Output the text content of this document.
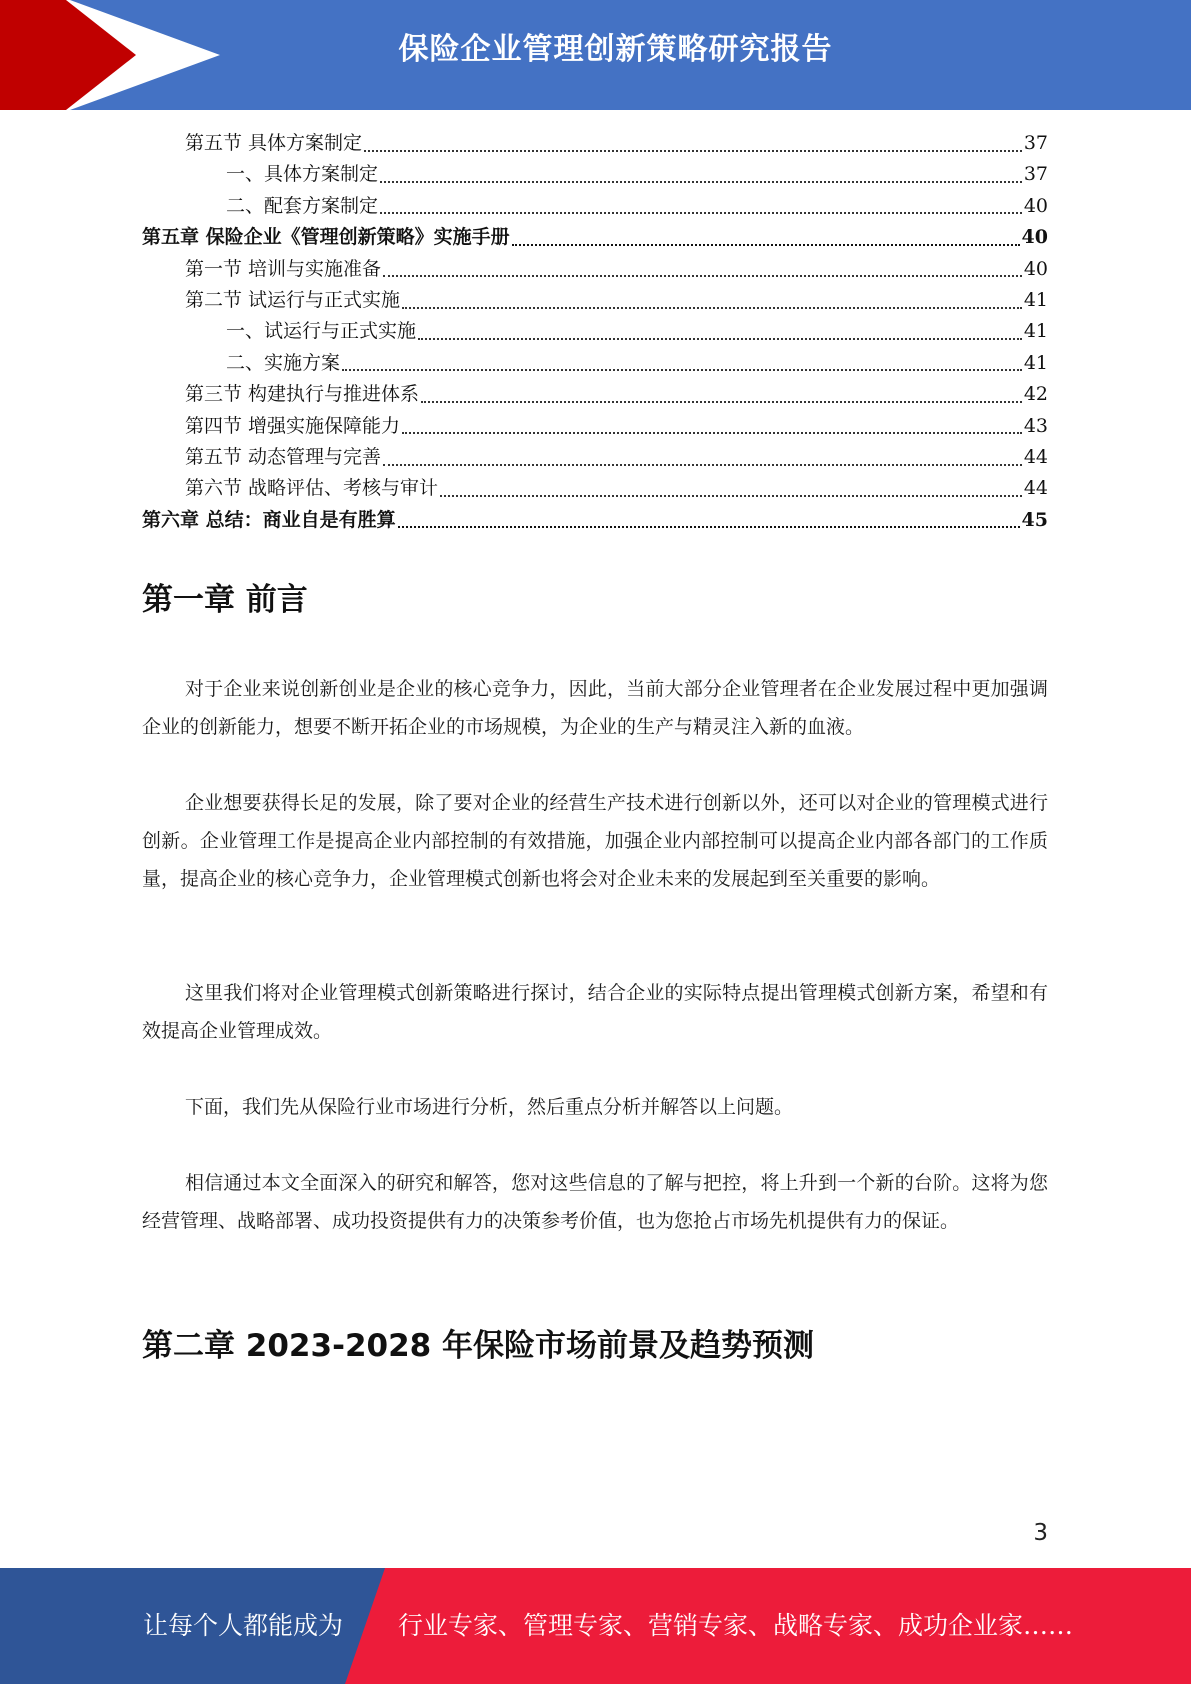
保险企业管理创新策略研究报告
第五节 具体方案制定	37
一、具体方案制定	37
二、配套方案制定	40
第五章 保险企业《管理创新策略》实施手册	40
第一节 培训与实施准备	40
第二节 试运行与正式实施	41
一、试运行与正式实施	41
二、实施方案	41
第三节 构建执行与推进体系	42
第四节 增强实施保障能力	43
第五节 动态管理与完善	44
第六节 战略评估、考核与审计	44
第六章 总结：商业自是有胜算	45
第一章 前言
对于企业来说创新创业是企业的核心竞争力，因此，当前大部分企业管理者在企业发展过程中更加强调企业的创新能力，想要不断开拓企业的市场规模，为企业的生产与精灵注入新的血液。
企业想要获得长足的发展，除了要对企业的经营生产技术进行创新以外，还可以对企业的管理模式进行创新。企业管理工作是提高企业内部控制的有效措施，加强企业内部控制可以提高企业内部各部门的工作质量，提高企业的核心竞争力，企业管理模式创新也将会对企业未来的发展起到至关重要的影响。
这里我们将对企业管理模式创新策略进行探讨，结合企业的实际特点提出管理模式创新方案，希望和有效提高企业管理成效。
下面，我们先从保险行业市场进行分析，然后重点分析并解答以上问题。
相信通过本文全面深入的研究和解答，您对这些信息的了解与把控，将上升到一个新的台阶。这将为您经营管理、战略部署、成功投资提供有力的决策参考价值，也为您抢占市场先机提供有力的保证。
第二章 2023-2028 年保险市场前景及趋势预测
3
让每个人都能成为 行业专家、管理专家、营销专家、战略专家、成功企业家……
